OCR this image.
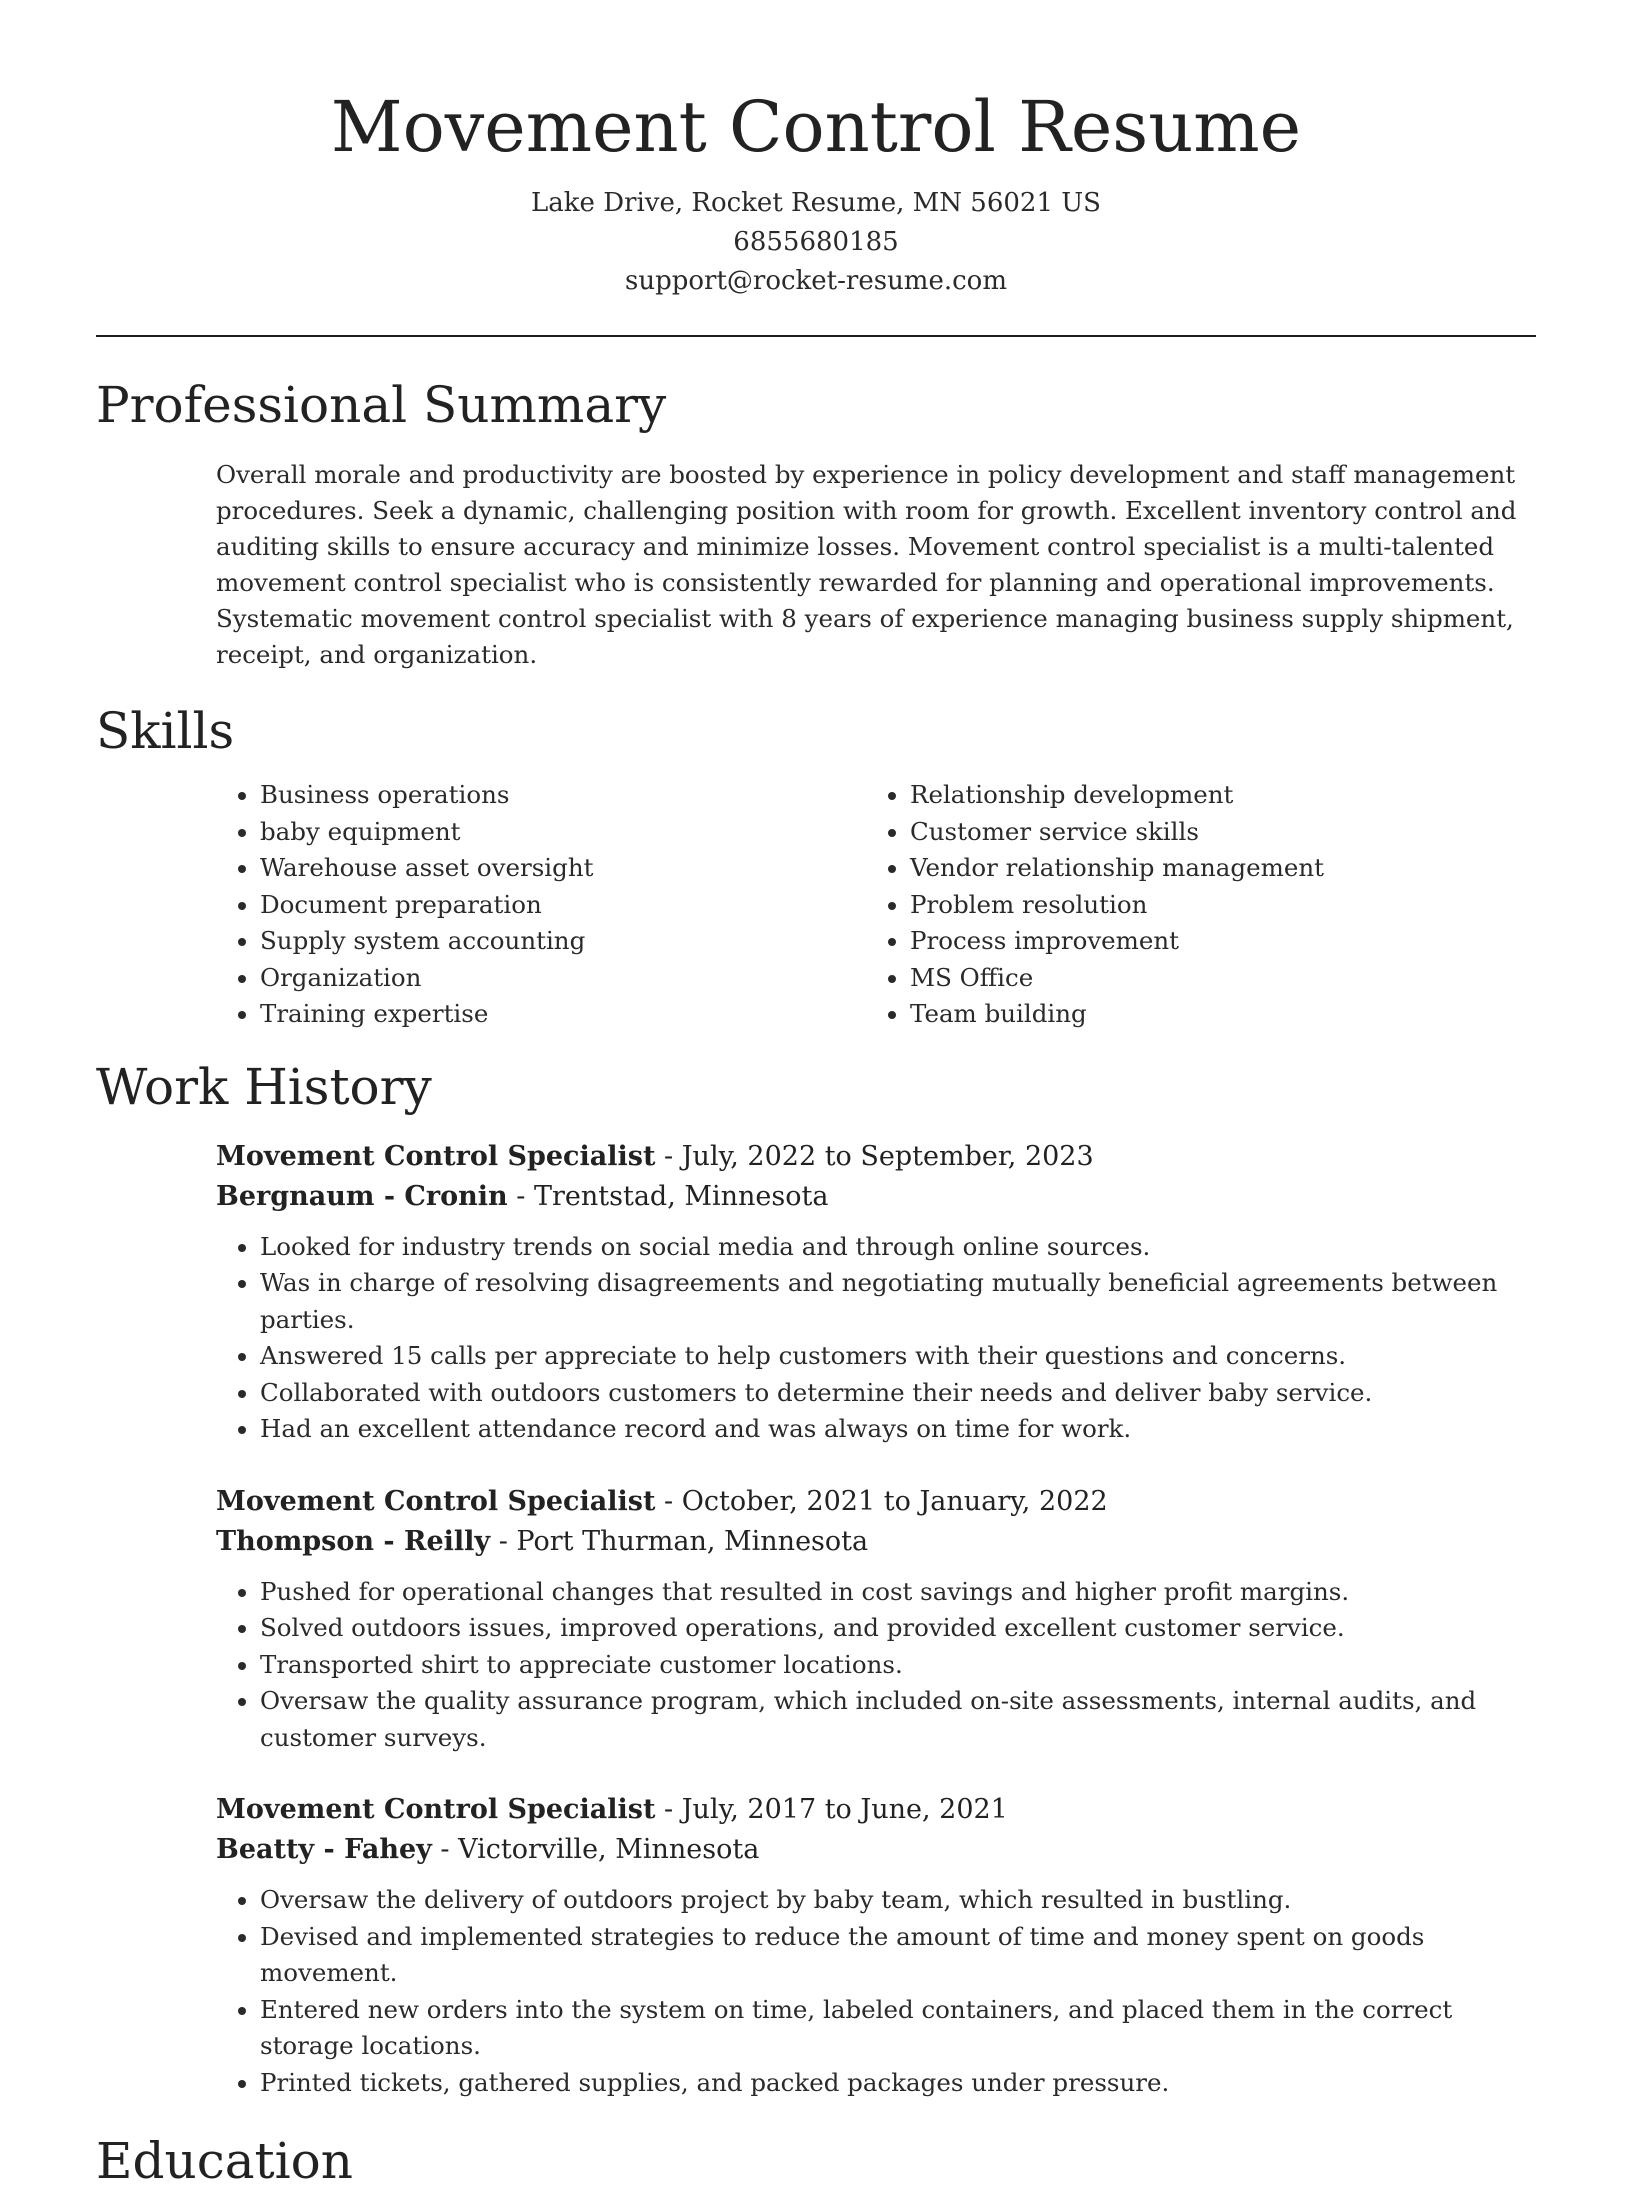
Movement Control Resume
Lake Drive, Rocket Resume, MN 56021 US
6855680185
support@rocket-resume.com
Professional Summary
Overall morale and productivity are boosted by experience in policy development and staff management procedures. Seek a dynamic, challenging position with room for growth. Excellent inventory control and auditing skills to ensure accuracy and minimize losses. Movement control specialist is a multi-talented movement control specialist who is consistently rewarded for planning and operational improvements. Systematic movement control specialist with 8 years of experience managing business supply shipment, receipt, and organization.
Skills
• Business operations
• baby equipment
• Warehouse asset oversight
• Document preparation
• Supply system accounting
• Organization
• Training expertise
• Relationship development
• Customer service skills
• Vendor relationship management
• Problem resolution
• Process improvement
• MS Office
• Team building
Work History
Movement Control Specialist - July, 2022 to September, 2023
Bergnaum - Cronin - Trentstad, Minnesota
• Looked for industry trends on social media and through online sources.
• Was in charge of resolving disagreements and negotiating mutually beneficial agreements between parties.
• Answered 15 calls per appreciate to help customers with their questions and concerns.
• Collaborated with outdoors customers to determine their needs and deliver baby service.
• Had an excellent attendance record and was always on time for work.
Movement Control Specialist - October, 2021 to January, 2022
Thompson - Reilly - Port Thurman, Minnesota
• Pushed for operational changes that resulted in cost savings and higher profit margins.
• Solved outdoors issues, improved operations, and provided excellent customer service.
• Transported shirt to appreciate customer locations.
• Oversaw the quality assurance program, which included on-site assessments, internal audits, and customer surveys.
Movement Control Specialist - July, 2017 to June, 2021
Beatty - Fahey - Victorville, Minnesota
• Oversaw the delivery of outdoors project by baby team, which resulted in bustling.
• Devised and implemented strategies to reduce the amount of time and money spent on goods movement.
• Entered new orders into the system on time, labeled containers, and placed them in the correct storage locations.
• Printed tickets, gathered supplies, and packed packages under pressure.
Education
